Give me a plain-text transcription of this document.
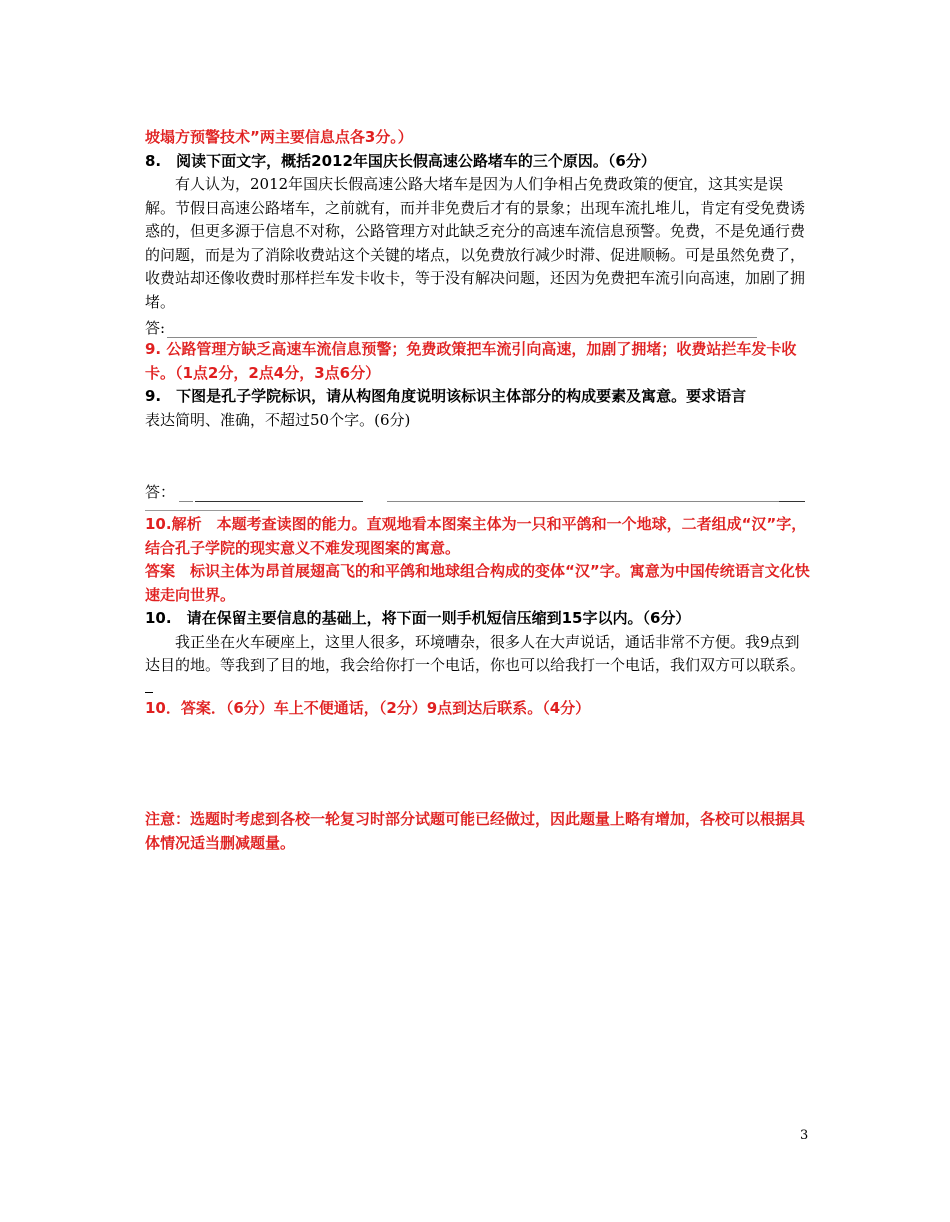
坡塌方预警技术”两主要信息点各3分。）

8.　阅读下面文字，概括2012年国庆长假高速公路堵车的三个原因。（6分）

有人认为，2012年国庆长假高速公路大堵车是因为人们争相占免费政策的便宜，这其实是误解。节假日高速公路堵车，之前就有，而并非免费后才有的景象；出现车流扎堆儿，肯定有受免费诱惑的，但更多源于信息不对称，公路管理方对此缺乏充分的高速车流信息预警。免费，不是免通行费的问题，而是为了消除收费站这个关键的堵点，以免费放行减少时滞、促进顺畅。可是虽然免费了，收费站却还像收费时那样拦车发卡收卡，等于没有解决问题，还因为免费把车流引向高速，加剧了拥堵。

答:

9. 公路管理方缺乏高速车流信息预警；免费政策把车流引向高速，加剧了拥堵；收费站拦车发卡收卡。（1点2分，2点4分，3点6分）

9.　下图是孔子学院标识，请从构图角度说明该标识主体部分的构成要素及寓意。要求语言

表达简明、准确，不超过50个字。(6分)

答：

10.解析　本题考查读图的能力。直观地看本图案主体为一只和平鸽和一个地球，二者组成“汉”字，结合孔子学院的现实意义不难发现图案的寓意。

答案　标识主体为昂首展翅高飞的和平鸽和地球组合构成的变体“汉”字。寓意为中国传统语言文化快速走向世界。

10.　请在保留主要信息的基础上，将下面一则手机短信压缩到15字以内。（6分）

我正坐在火车硬座上，这里人很多，环境嘈杂，很多人在大声说话，通话非常不方便。我9点到达目的地。等我到了目的地，我会给你打一个电话，你也可以给我打一个电话，我们双方可以联系。

10．答案．（6分）车上不便通话，（2分）9点到达后联系。（4分）

注意：选题时考虑到各校一轮复习时部分试题可能已经做过，因此题量上略有增加，各校可以根据具体情况适当删减题量。

3
